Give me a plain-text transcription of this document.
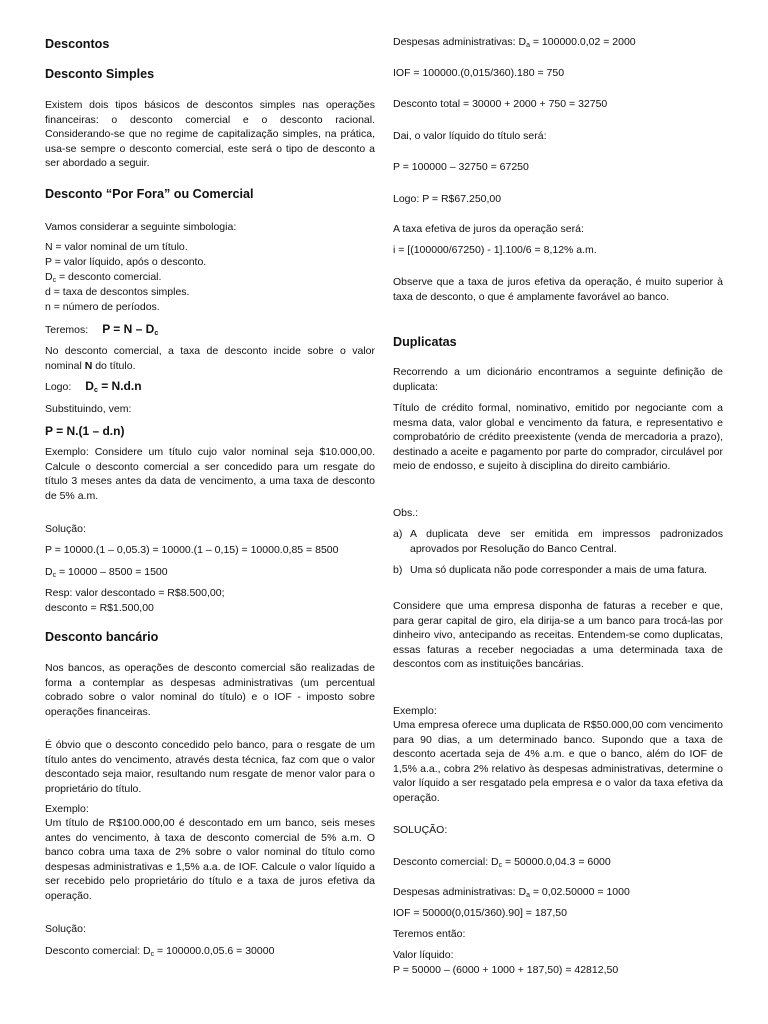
Descontos
Desconto Simples

Existem dois tipos básicos de descontos simples nas operações financeiras: o desconto comercial e o desconto racional. Considerando-se que no regime de capitalização simples, na prática, usa-se sempre o desconto comercial, este será o tipo de desconto a ser abordado a seguir.

Desconto “Por Fora” ou Comercial
Vamos considerar a seguinte simbologia:
N = valor nominal de um título.
P = valor líquido, após o desconto.
$D_c$ = desconto comercial.
d = taxa de descontos simples.
n = número de períodos.
Teremos: $P = N - D_c$

No desconto comercial, a taxa de desconto incide sobre o valor nominal N do título.

Logo: $D_c = N.d.n$
Substituindo, vem:
P = N.(1 – d.n)

Exemplo: Considere um título cujo valor nominal seja $10.000,00. Calcule o desconto comercial a ser concedido para um resgate do título 3 meses antes da data de vencimento, a uma taxa de desconto de 5% a.m.

Solução:
P = 10000.(1 – 0,05.3) = 10000.(1 – 0,15) = 10000.0,85 = 8500
$D_c = 10000 - 8500 = 1500$
Resp: valor descontado = R$8.500,00;
desconto = R$1.500,00
Desconto bancário

Nos bancos, as operações de desconto comercial são realizadas de forma a contemplar as despesas administrativas (um percentual cobrado sobre o valor nominal do título) e o IOF - imposto sobre operações financeiras.

É óbvio que o desconto concedido pelo banco, para o resgate de um título antes do vencimento, através desta técnica, faz com que o valor descontado seja maior, resultando num resgate de menor valor para o proprietário do título.

Exemplo:

Um título de R$100.000,00 é descontado em um banco, seis meses antes do vencimento, à taxa de desconto comercial de 5% a.m. O banco cobra uma taxa de 2% sobre o valor nominal do título como despesas administrativas e 1,5% a.a. de IOF. Calcule o valor líquido a ser recebido pelo proprietário do título e a taxa de juros efetiva da operação.

Solução:
Desconto comercial: $D_c = 100000.0,05.6 = 30000$
Despesas administrativas: $D_a = 100000.0,02 = 2000$
IOF = 100000.(0,015/360).180 = 750
Desconto total = 30000 + 2000 + 750 = 32750
Dai, o valor líquido do título será:
P = 100000 – 32750 = 67250
Logo: P = R$67.250,00
A taxa efetiva de juros da operação será:
i = [(100000/67250) - 1].100/6 = 8,12% a.m.

Observe que a taxa de juros efetiva da operação, é muito superior à taxa de desconto, o que é amplamente favorável ao banco.

Duplicatas

Recorrendo a um dicionário encontramos a seguinte definição de duplicata:

Título de crédito formal, nominativo, emitido por negociante com a mesma data, valor global e vencimento da fatura, e representativo e comprobatório de crédito preexistente (venda de mercadoria a prazo), destinado a aceite e pagamento por parte do comprador, circulável por meio de endosso, e sujeito à disciplina do direito cambiário.

Obs.:
a) A duplicata deve ser emitida em impressos padronizados aprovados por Resolução do Banco Central.
b) Uma só duplicata não pode corresponder a mais de uma fatura.

Considere que uma empresa disponha de faturas a receber e que, para gerar capital de giro, ela dirija-se a um banco para trocá-las por dinheiro vivo, antecipando as receitas. Entendem-se como duplicatas, essas faturas a receber negociadas a uma determinada taxa de descontos com as instituições bancárias.

Exemplo:

Uma empresa oferece uma duplicata de R$50.000,00 com vencimento para 90 dias, a um determinado banco. Supondo que a taxa de desconto acertada seja de 4% a.m. e que o banco, além do IOF de 1,5% a.a., cobra 2% relativo às despesas administrativas, determine o valor líquido a ser resgatado pela empresa e o valor da taxa efetiva da operação.

SOLUÇÃO:
Desconto comercial: $D_c = 50000.0,04.3 = 6000$
Despesas administrativas: $D_a = 0,02.50000 = 1000$
IOF = 50000(0,015/360).90] = 187,50
Teremos então:
Valor líquido:
P = 50000 – (6000 + 1000 + 187,50) = 42812,50
